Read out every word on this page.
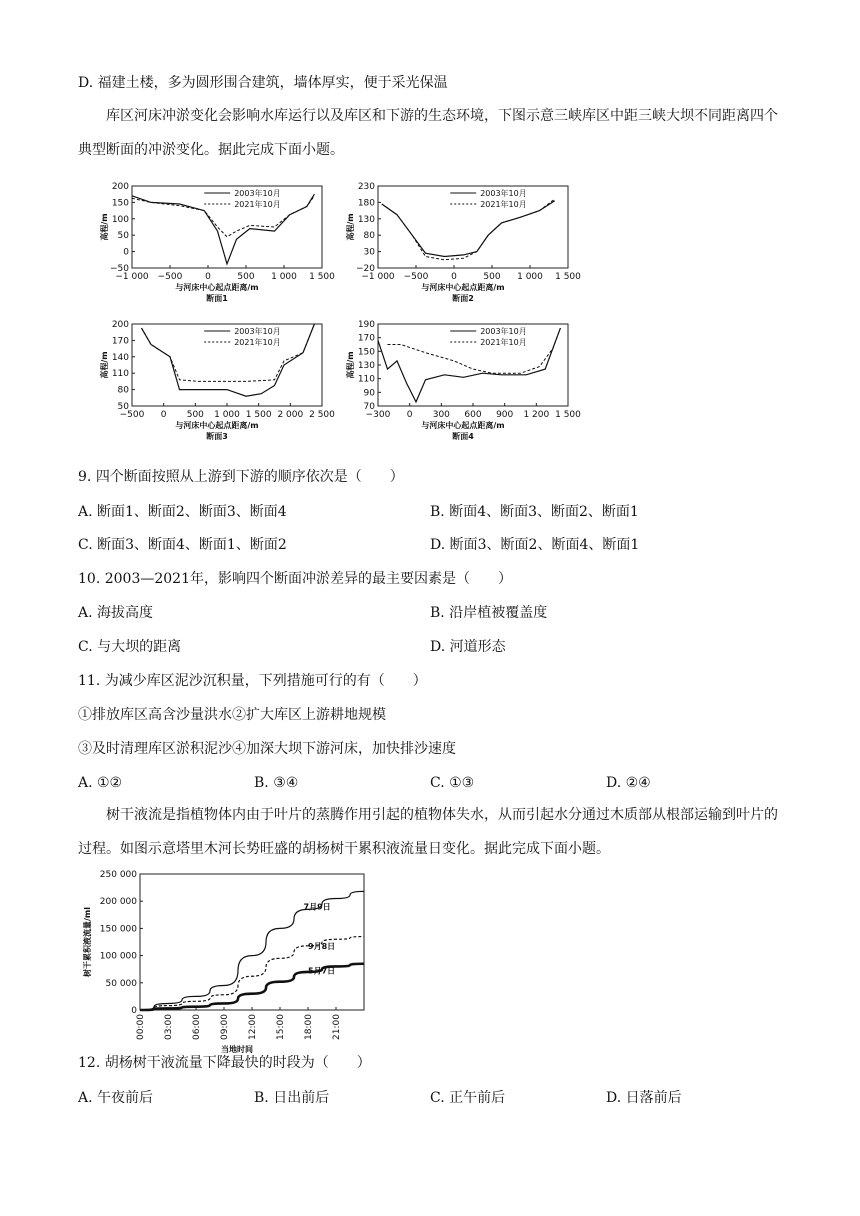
D. 福建土楼，多为圆形围合建筑，墙体厚实，便于采光保温
库区河床冲淤变化会影响水库运行以及库区和下游的生态环境，下图示意三峡库区中距三峡大坝不同距离四个典型断面的冲淤变化。据此完成下面小题。
200
150
100
50
0
−50
−1 000 −500	0	500 1 000 1 500
高程/m
与河床中心起点距离/m
断面1
2003年10月
2021年10月
230
180
130
80
30
−20
−1 000 −500	0	500 1 000 1 500
高程/m
与河床中心起点距离/m
断面2
2003年10月
2021年10月
200
170
140
110
80
50
−500 0 500 1 000 1 500 2 000 2 500
高程/m
与河床中心起点距离/m
断面3
2003年10月
2021年10月
190
170
150
130
110
90
70
−300 0 300 600 900 1 200 1 500
高程/m
与河床中心起点距离/m
断面4
2003年10月
2021年10月
9. 四个断面按照从上游到下游的顺序依次是（　　）
A. 断面1、断面2、断面3、断面4	B. 断面4、断面3、断面2、断面1
C. 断面3、断面4、断面1、断面2	D. 断面3、断面2、断面4、断面1
10. 2003—2021年，影响四个断面冲淤差异的最主要因素是（　　）
A. 海拔高度	B. 沿岸植被覆盖度
C. 与大坝的距离	D. 河道形态
11. 为减少库区泥沙沉积量，下列措施可行的有（　　）
①排放库区高含沙量洪水②扩大库区上游耕地规模
③及时清理库区淤积泥沙④加深大坝下游河床，加快排沙速度
A. ①②	B. ③④	C. ①③	D. ②④
树干液流是指植物体内由于叶片的蒸腾作用引起的植物体失水，从而引起水分通过木质部从根部运输到叶片的过程。如图示意塔里木河长势旺盛的胡杨树干累积液流量日变化。据此完成下面小题。
250 000
200 000
150 000
100 000
50 000
0
00:00 03:00 06:00 09:00 12:00 15:00 18:00 21:00
当地时间
树干累积液流量/ml
7月9日
9月8日
5月7日
12. 胡杨树干液流量下降最快的时段为（　　）
A. 午夜前后	B. 日出前后	C. 正午前后	D. 日落前后
